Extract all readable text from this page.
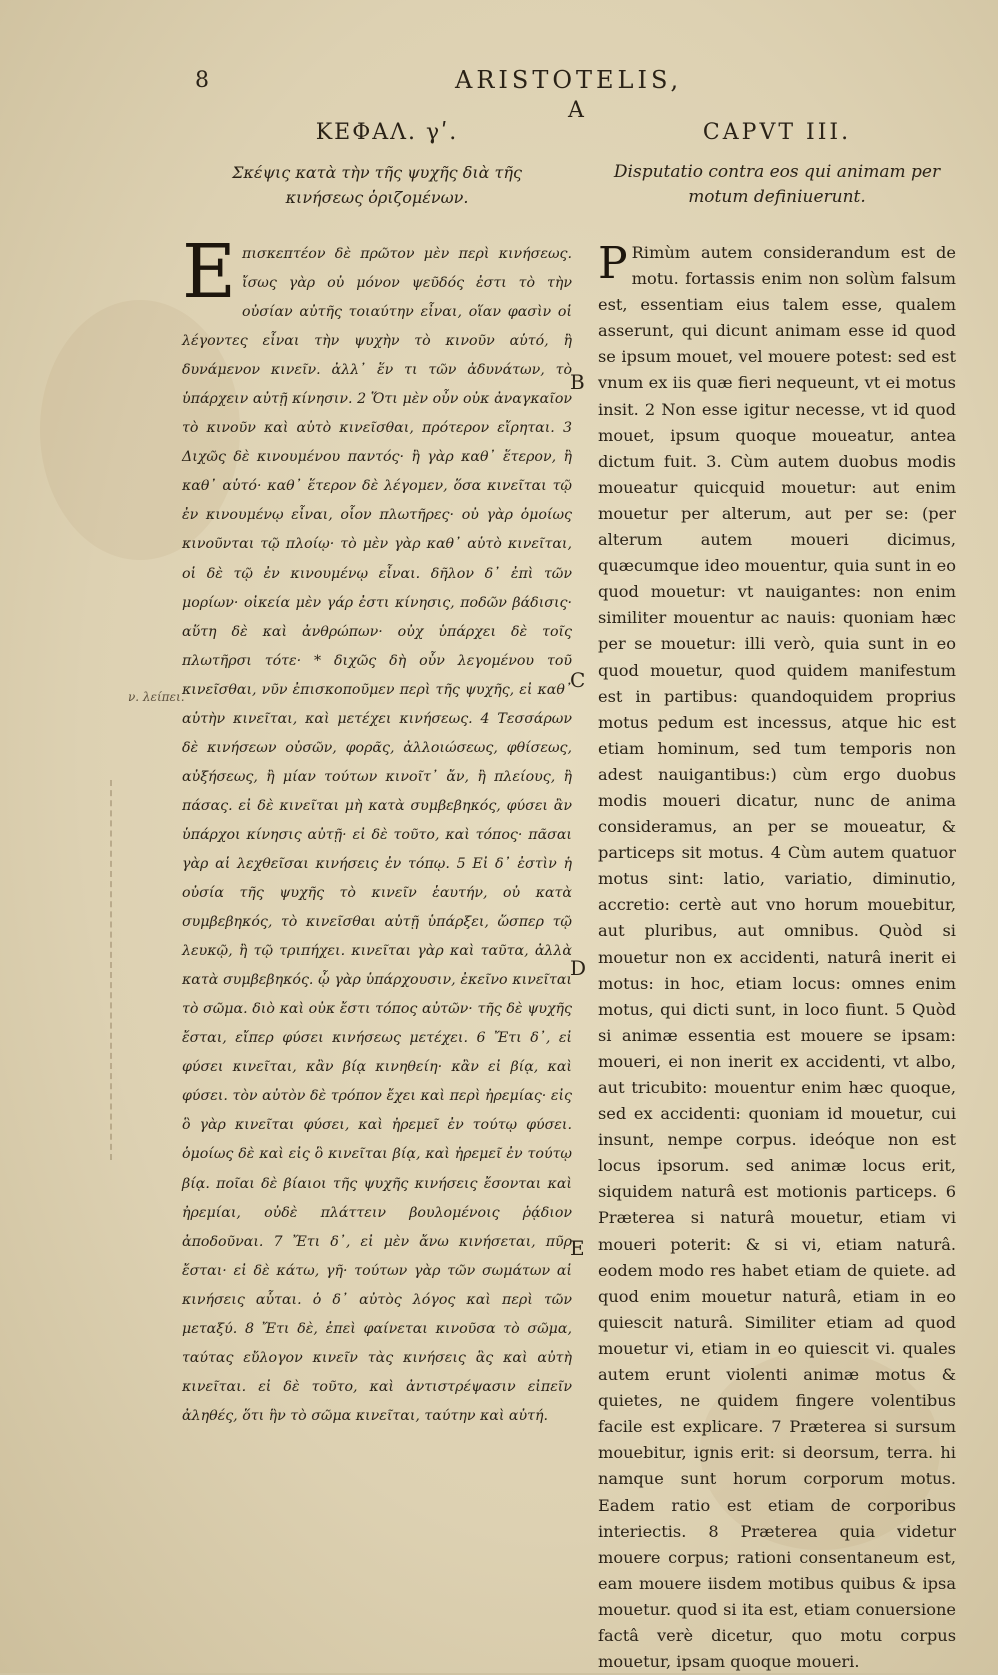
8	ARISTOTELIS,
A
ΚΕΦΑΛ. γʹ.
Σκέψις κατὰ τὴν τῆς ψυχῆς διὰ τῆς κινήσεως ὁριζομένων.
Ε πισκεπτέον δὲ πρῶτον μὲν περὶ κινήσεως. ἴσως γὰρ οὐ μόνον ψεῦδός ἐστι τὸ τὴν οὐσίαν αὐτῆς τοιαύτην εἶναι, οἵαν φασὶν οἱ λέγοντες εἶναι τὴν ψυχὴν τὸ κινοῦν αὑτό, ἢ δυνάμενον κινεῖν. ἀλλ᾽ ἕν τι τῶν ἀδυνάτων, τὸ ὑπάρχειν αὐτῇ κίνησιν. 2 Ὅτι μὲν οὖν οὐκ ἀναγκαῖον τὸ κινοῦν καὶ αὐτὸ κινεῖσθαι, πρότερον εἴρηται. 3 Διχῶς δὲ κινουμένου παντός· ἢ γὰρ καθ᾽ ἕτερον, ἢ καθ᾽ αὑτό· καθ᾽ ἕτερον δὲ λέγομεν, ὅσα κινεῖται τῷ ἐν κινουμένῳ εἶναι, οἷον πλωτῆρες· οὐ γὰρ ὁμοίως κινοῦνται τῷ πλοίῳ· τὸ μὲν γὰρ καθ᾽ αὑτὸ κινεῖται, οἱ δὲ τῷ ἐν κινουμένῳ εἶναι. δῆλον δ᾽ ἐπὶ τῶν μορίων· οἰκεία μὲν γάρ ἐστι κίνησις, ποδῶν βάδισις· αὕτη δὲ καὶ ἀνθρώπων· οὐχ ὑπάρχει δὲ τοῖς πλωτῆρσι τότε· * διχῶς δὴ οὖν λεγομένου τοῦ κινεῖσθαι, νῦν ἐπισκοποῦμεν περὶ τῆς ψυχῆς, εἰ καθ᾽ αὑτὴν κινεῖται, καὶ μετέχει κινήσεως. 4 Τεσσάρων δὲ κινήσεων οὐσῶν, φορᾶς, ἀλλοιώσεως, φθίσεως, αὐξήσεως, ἢ μίαν τούτων κινοῖτ᾽ ἄν, ἢ πλείους, ἢ πάσας. εἰ δὲ κινεῖται μὴ κατὰ συμβεβηκός, φύσει ἂν ὑπάρχοι κίνησις αὐτῇ· εἰ δὲ τοῦτο, καὶ τόπος· πᾶσαι γὰρ αἱ λεχθεῖσαι κινήσεις ἐν τόπῳ. 5 Εἰ δ᾽ ἐστὶν ἡ οὐσία τῆς ψυχῆς τὸ κινεῖν ἑαυτήν, οὐ κατὰ συμβεβηκός, τὸ κινεῖσθαι αὐτῇ ὑπάρξει, ὥσπερ τῷ λευκῷ, ἢ τῷ τριπήχει. κινεῖται γὰρ καὶ ταῦτα, ἀλλὰ κατὰ συμβεβηκός. ᾧ γὰρ ὑπάρχουσιν, ἐκεῖνο κινεῖται τὸ σῶμα. διὸ καὶ οὐκ ἔστι τόπος αὐτῶν· τῆς δὲ ψυχῆς ἔσται, εἴπερ φύσει κινήσεως μετέχει. 6 Ἔτι δ᾽, εἰ φύσει κινεῖται, κἂν βίᾳ κινηθείη· κἂν εἰ βίᾳ, καὶ φύσει. τὸν αὐτὸν δὲ τρόπον ἔχει καὶ περὶ ἠρεμίας· εἰς ὃ γὰρ κινεῖται φύσει, καὶ ἠρεμεῖ ἐν τούτῳ φύσει. ὁμοίως δὲ καὶ εἰς ὃ κινεῖται βίᾳ, καὶ ἠρεμεῖ ἐν τούτῳ βίᾳ. ποῖαι δὲ βίαιοι τῆς ψυχῆς κινήσεις ἔσονται καὶ ἠρεμίαι, οὐδὲ πλάττειν βουλομένοις ῥᾴδιον ἀποδοῦναι. 7 Ἔτι δ᾽, εἰ μὲν ἄνω κινήσεται, πῦρ ἔσται· εἰ δὲ κάτω, γῆ· τούτων γὰρ τῶν σωμάτων αἱ κινήσεις αὗται. ὁ δ᾽ αὐτὸς λόγος καὶ περὶ τῶν μεταξύ. 8 Ἔτι δὲ, ἐπεὶ φαίνεται κινοῦσα τὸ σῶμα, ταύτας εὔλογον κινεῖν τὰς κινήσεις ἃς καὶ αὐτὴ κινεῖται. εἰ δὲ τοῦτο, καὶ ἀντιστρέψασιν εἰπεῖν ἀληθές, ὅτι ἣν τὸ σῶμα κινεῖται, ταύτην καὶ αὐτή.
CAPVT III.
Disputatio contra eos qui animam per motum definiuerunt.
P Rimùm autem considerandum est de motu. fortassis enim non solùm falsum est, essentiam eius talem esse, qualem asserunt, qui dicunt animam esse id quod se ipsum mouet, vel mouere potest: sed est vnum ex iis quæ fieri nequeunt, vt ei motus insit. 2 Non esse igitur necesse, vt id quod mouet, ipsum quoque moueatur, antea dictum fuit. 3. Cùm autem duobus modis moueatur quicquid mouetur: aut enim mouetur per alterum, aut per se: (per alterum autem moueri dicimus, quæcumque ideo mouentur, quia sunt in eo quod mouetur: vt nauigantes: non enim similiter mouentur ac nauis: quoniam hæc per se mouetur: illi verò, quia sunt in eo quod mouetur, quod quidem manifestum est in partibus: quandoquidem proprius motus pedum est incessus, atque hic est etiam hominum, sed tum temporis non adest nauigantibus:) cùm ergo duobus modis moueri dicatur, nunc de anima consideramus, an per se moueatur, & particeps sit motus. 4 Cùm autem quatuor motus sint: latio, variatio, diminutio, accretio: certè aut vno horum mouebitur, aut pluribus, aut omnibus. Quòd si mouetur non ex accidenti, naturâ inerit ei motus: in hoc, etiam locus: omnes enim motus, qui dicti sunt, in loco fiunt. 5 Quòd si animæ essentia est mouere se ipsam: moueri, ei non inerit ex accidenti, vt albo, aut tricubito: mouentur enim hæc quoque, sed ex accidenti: quoniam id mouetur, cui insunt, nempe corpus. ideóque non est locus ipsorum. sed animæ locus erit, siquidem naturâ est motionis particeps. 6 Præterea si naturâ mouetur, etiam vi moueri poterit: & si vi, etiam naturâ. eodem modo res habet etiam de quiete. ad quod enim mouetur naturâ, etiam in eo quiescit naturâ. Similiter etiam ad quod mouetur vi, etiam in eo quiescit vi. quales autem erunt violenti animæ motus & quietes, ne quidem fingere volentibus facile est explicare. 7 Præterea si sursum mouebitur, ignis erit: si deorsum, terra. hi namque sunt horum corporum motus. Eadem ratio est etiam de corporibus interiectis. 8 Præterea quia videtur mouere corpus; rationi consentaneum est, eam mouere iisdem motibus quibus & ipsa mouetur. quod si ita est, etiam conuersione factâ verè dicetur, quo motu corpus mouetur, ipsam quoque moueri.
B
C
D
E
ν. λείπει.
